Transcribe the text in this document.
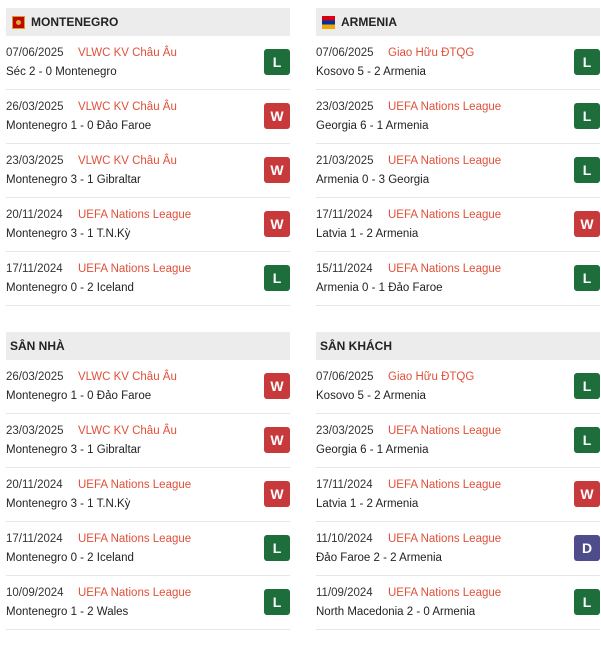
MONTENEGRO
07/06/2025 VLWC KV Châu Âu
Séc 2 - 0 Montenegro
L
26/03/2025 VLWC KV Châu Âu
Montenegro 1 - 0 Đảo Faroe
W
23/03/2025 VLWC KV Châu Âu
Montenegro 3 - 1 Gibraltar
W
20/11/2024 UEFA Nations League
Montenegro 3 - 1 T.N.Kỳ
W
17/11/2024 UEFA Nations League
Montenegro 0 - 2 Iceland
L
SÂN NHÀ
26/03/2025 VLWC KV Châu Âu
Montenegro 1 - 0 Đảo Faroe
W
23/03/2025 VLWC KV Châu Âu
Montenegro 3 - 1 Gibraltar
W
20/11/2024 UEFA Nations League
Montenegro 3 - 1 T.N.Kỳ
W
17/11/2024 UEFA Nations League
Montenegro 0 - 2 Iceland
L
10/09/2024 UEFA Nations League
Montenegro 1 - 2 Wales
L
ARMENIA
07/06/2025 Giao Hữu ĐTQG
Kosovo 5 - 2 Armenia
L
23/03/2025 UEFA Nations League
Georgia 6 - 1 Armenia
L
21/03/2025 UEFA Nations League
Armenia 0 - 3 Georgia
L
17/11/2024 UEFA Nations League
Latvia 1 - 2 Armenia
W
15/11/2024 UEFA Nations League
Armenia 0 - 1 Đảo Faroe
L
SÂN KHÁCH
07/06/2025 Giao Hữu ĐTQG
Kosovo 5 - 2 Armenia
L
23/03/2025 UEFA Nations League
Georgia 6 - 1 Armenia
L
17/11/2024 UEFA Nations League
Latvia 1 - 2 Armenia
W
11/10/2024 UEFA Nations League
Đảo Faroe 2 - 2 Armenia
D
11/09/2024 UEFA Nations League
North Macedonia 2 - 0 Armenia
L
